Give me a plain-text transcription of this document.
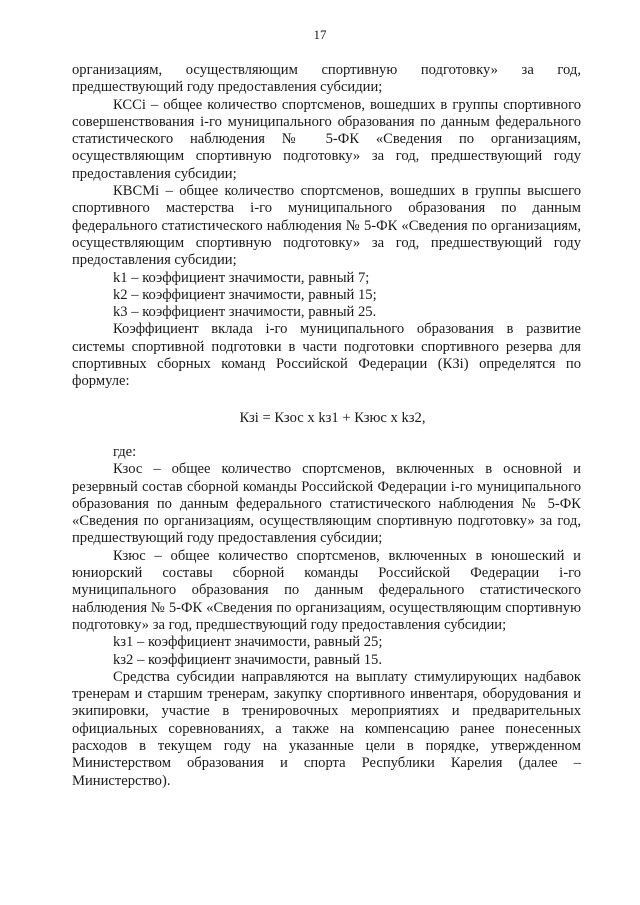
17

организациям, осуществляющим спортивную подготовку» за год, предшествующий году предоставления субсидии;

КССi – общее количество спортсменов, вошедших в группы спортивного совершенствования i-го муниципального образования по данным федерального статистического наблюдения № 5-ФК «Сведения по организациям, осуществляющим спортивную подготовку» за год, предшествующий году предоставления субсидии;

КВСМi – общее количество спортсменов, вошедших в группы высшего спортивного мастерства i-го муниципального образования по данным федерального статистического наблюдения № 5-ФК «Сведения по организациям, осуществляющим спортивную подготовку» за год, предшествующий году предоставления субсидии;

k1 – коэффициент значимости, равный 7;

k2 – коэффициент значимости, равный 15;

k3 – коэффициент значимости, равный 25.

Коэффициент вклада i-го муниципального образования в развитие системы спортивной подготовки в части подготовки спортивного резерва для спортивных сборных команд Российской Федерации (КЗi) определятся по формуле:

Кзi = Кзос x kз1 + Кзюс x kз2,

где:

Кзос – общее количество спортсменов, включенных в основной и резервный состав сборной команды Российской Федерации i-го муниципального образования по данным федерального статистического наблюдения № 5-ФК «Сведения по организациям, осуществляющим спортивную подготовку» за год, предшествующий году предоставления субсидии;

Кзюс – общее количество спортсменов, включенных в юношеский и юниорский составы сборной команды Российской Федерации i-го муниципального образования по данным федерального статистического наблюдения № 5-ФК «Сведения по организациям, осуществляющим спортивную подготовку» за год, предшествующий году предоставления субсидии;

kз1 – коэффициент значимости, равный 25;

kз2 – коэффициент значимости, равный 15.

Средства субсидии направляются на выплату стимулирующих надбавок тренерам и старшим тренерам, закупку спортивного инвентаря, оборудования и экипировки, участие в тренировочных мероприятиях и предварительных официальных соревнованиях, а также на компенсацию ранее понесенных расходов в текущем году на указанные цели в порядке, утвержденном Министерством образования и спорта Республики Карелия (далее – Министерство).
